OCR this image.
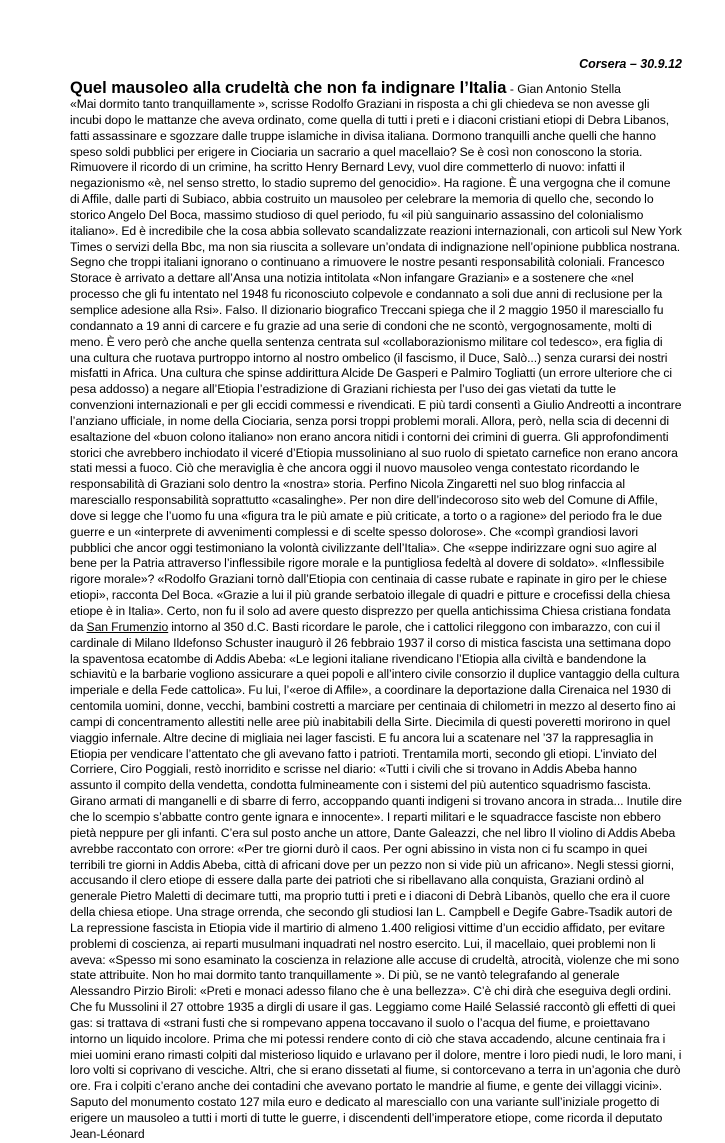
Corsera – 30.9.12
Quel mausoleo alla crudeltà che non fa indignare l’Italia - Gian Antonio Stella

«Mai dormito tanto tranquillamente », scrisse Rodolfo Graziani in risposta a chi gli chiedeva se non avesse gli incubi dopo le mattanze che aveva ordinato, come quella di tutti i preti e i diaconi cristiani etiopi di Debra Libanos, fatti assassinare e sgozzare dalle truppe islamiche in divisa italiana. Dormono tranquilli anche quelli che hanno speso soldi pubblici per erigere in Ciociaria un sacrario a quel macellaio? Se è così non conoscono la storia. Rimuovere il ricordo di un crimine, ha scritto Henry Bernard Levy, vuol dire commetterlo di nuovo: infatti il negazionismo «è, nel senso stretto, lo stadio supremo del genocidio». Ha ragione. È una vergogna che il comune di Affile, dalle parti di Subiaco, abbia costruito un mausoleo per celebrare la memoria di quello che, secondo lo storico Angelo Del Boca, massimo studioso di quel periodo, fu «il più sanguinario assassino del colonialismo italiano». Ed è incredibile che la cosa abbia sollevato scandalizzate reazioni internazionali, con articoli sul New York Times o servizi della Bbc, ma non sia riuscita a sollevare un’ondata di indignazione nell’opinione pubblica nostrana. Segno che troppi italiani ignorano o continuano a rimuovere le nostre pesanti responsabilità coloniali. Francesco Storace è arrivato a dettare all’Ansa una notizia intitolata «Non infangare Graziani» e a sostenere che «nel processo che gli fu intentato nel 1948 fu riconosciuto colpevole e condannato a soli due anni di reclusione per la semplice adesione alla Rsi». Falso. Il dizionario biografico Treccani spiega che il 2 maggio 1950 il maresciallo fu condannato a 19 anni di carcere e fu grazie ad una serie di condoni che ne scontò, vergognosamente, molti di meno. È vero però che anche quella sentenza centrata sul «collaborazionismo militare col tedesco», era figlia di una cultura che ruotava purtroppo intorno al nostro ombelico (il fascismo, il Duce, Salò...) senza curarsi dei nostri misfatti in Africa. Una cultura che spinse addirittura Alcide De Gasperi e Palmiro Togliatti (un errore ulteriore che ci pesa addosso) a negare all’Etiopia l’estradizione di Graziani richiesta per l’uso dei gas vietati da tutte le convenzioni internazionali e per gli eccidi commessi e rivendicati. E più tardi consentì a Giulio Andreotti a incontrare l’anziano ufficiale, in nome della Ciociaria, senza porsi troppi problemi morali. Allora, però, nella scia di decenni di esaltazione del «buon colono italiano» non erano ancora nitidi i contorni dei crimini di guerra. Gli approfondimenti storici che avrebbero inchiodato il viceré d’Etiopia mussoliniano al suo ruolo di spietato carnefice non erano ancora stati messi a fuoco. Ciò che meraviglia è che ancora oggi il nuovo mausoleo venga contestato ricordando le responsabilità di Graziani solo dentro la «nostra» storia. Perfino Nicola Zingaretti nel suo blog rinfaccia al maresciallo responsabilità soprattutto «casalinghe». Per non dire dell’indecoroso sito web del Comune di Affile, dove si legge che l’uomo fu una «figura tra le più amate e più criticate, a torto o a ragione» del periodo fra le due guerre e un «interprete di avvenimenti complessi e di scelte spesso dolorose». Che «compì grandiosi lavori pubblici che ancor oggi testimoniano la volontà civilizzante dell’Italia». Che «seppe indirizzare ogni suo agire al bene per la Patria attraverso l’inflessibile rigore morale e la puntigliosa fedeltà al dovere di soldato». «Inflessibile rigore morale»? «Rodolfo Graziani tornò dall’Etiopia con centinaia di casse rubate e rapinate in giro per le chiese etiopi», racconta Del Boca. «Grazie a lui il più grande serbatoio illegale di quadri e pitture e crocefissi della chiesa etiope è in Italia». Certo, non fu il solo ad avere questo disprezzo per quella antichissima Chiesa cristiana fondata da San Frumenzio intorno al 350 d.C. Basti ricordare le parole, che i cattolici rileggono con imbarazzo, con cui il cardinale di Milano Ildefonso Schuster inaugurò il 26 febbraio 1937 il corso di mistica fascista una settimana dopo la spaventosa ecatombe di Addis Abeba: «Le legioni italiane rivendicano l’Etiopia alla civiltà e bandendone la schiavitù e la barbarie vogliono assicurare a quei popoli e all’intero civile consorzio il duplice vantaggio della cultura imperiale e della Fede cattolica». Fu lui, l’«eroe di Affile», a coordinare la deportazione dalla Cirenaica nel 1930 di centomila uomini, donne, vecchi, bambini costretti a marciare per centinaia di chilometri in mezzo al deserto fino ai campi di concentramento allestiti nelle aree più inabitabili della Sirte. Diecimila di questi poveretti morirono in quel viaggio infernale. Altre decine di migliaia nei lager fascisti. E fu ancora lui a scatenare nel ’37 la rappresaglia in Etiopia per vendicare l’attentato che gli avevano fatto i patrioti. Trentamila morti, secondo gli etiopi. L’inviato del Corriere, Ciro Poggiali, restò inorridito e scrisse nel diario: «Tutti i civili che si trovano in Addis Abeba hanno assunto il compito della vendetta, condotta fulmineamente con i sistemi del più autentico squadrismo fascista. Girano armati di manganelli e di sbarre di ferro, accoppando quanti indigeni si trovano ancora in strada... Inutile dire che lo scempio s’abbatte contro gente ignara e innocente». I reparti militari e le squadracce fasciste non ebbero pietà neppure per gli infanti. C’era sul posto anche un attore, Dante Galeazzi, che nel libro Il violino di Addis Abeba avrebbe raccontato con orrore: «Per tre giorni durò il caos. Per ogni abissino in vista non ci fu scampo in quei terribili tre giorni in Addis Abeba, città di africani dove per un pezzo non si vide più un africano». Negli stessi giorni, accusando il clero etiope di essere dalla parte dei patrioti che si ribellavano alla conquista, Graziani ordinò al generale Pietro Maletti di decimare tutti, ma proprio tutti i preti e i diaconi di Debrà Libanòs, quello che era il cuore della chiesa etiope. Una strage orrenda, che secondo gli studiosi Ian L. Campbell e Degife Gabre-Tsadik autori de La repressione fascista in Etiopia vide il martirio di almeno 1.400 religiosi vittime d’un eccidio affidato, per evitare problemi di coscienza, ai reparti musulmani inquadrati nel nostro esercito. Lui, il macellaio, quei problemi non li aveva: «Spesso mi sono esaminato la coscienza in relazione alle accuse di crudeltà, atrocità, violenze che mi sono state attribuite. Non ho mai dormito tanto tranquillamente ». Di più, se ne vantò telegrafando al generale Alessandro Pirzio Biroli: «Preti e monaci adesso filano che è una bellezza». C’è chi dirà che eseguiva degli ordini. Che fu Mussolini il 27 ottobre 1935 a dirgli di usare il gas. Leggiamo come Hailé Selassié raccontò gli effetti di quei gas: si trattava di «strani fusti che si rompevano appena toccavano il suolo o l’acqua del fiume, e proiettavano intorno un liquido incolore. Prima che mi potessi rendere conto di ciò che stava accadendo, alcune centinaia fra i miei uomini erano rimasti colpiti dal misterioso liquido e urlavano per il dolore, mentre i loro piedi nudi, le loro mani, i loro volti si coprivano di vesciche. Altri, che si erano dissetati al fiume, si contorcevano a terra in un’agonia che durò ore. Fra i colpiti c’erano anche dei contadini che avevano portato le mandrie al fiume, e gente dei villaggi vicini». Saputo del monumento costato 127 mila euro e dedicato al maresciallo con una variante sull’iniziale progetto di erigere un mausoleo a tutti i morti di tutte le guerre, i discendenti dell’imperatore etiope, come ricorda il deputato Jean-Léonard
